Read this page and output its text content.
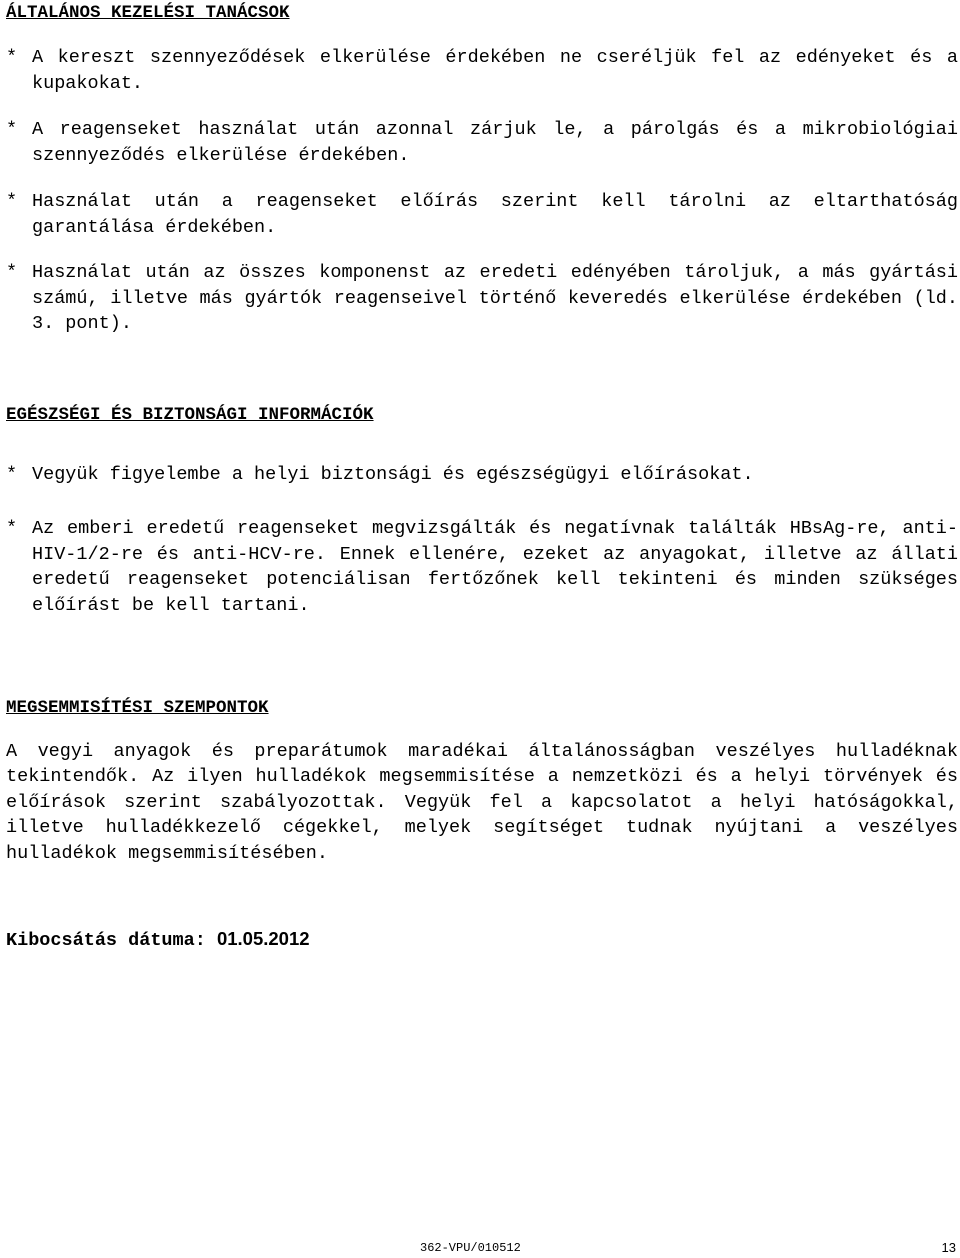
ÁLTALÁNOS KEZELÉSI TANÁCSOK

* A kereszt szennyeződések elkerülése érdekében ne cseréljük fel az edényeket és a kupakokat.

* A reagenseket használat után azonnal zárjuk le, a párolgás és a mikrobiológiai szennyeződés elkerülése érdekében.

* Használat után a reagenseket előírás szerint kell tárolni az eltarthatóság garantálása érdekében.

* Használat után az összes komponenst az eredeti edényében tároljuk, a más gyártási számú, illetve más gyártók reagenseivel történő keveredés elkerülése érdekében (ld. 3. pont).

EGÉSZSÉGI ÉS BIZTONSÁGI INFORMÁCIÓK

* Vegyük figyelembe a helyi biztonsági és egészségügyi előírásokat.

* Az emberi eredetű reagenseket megvizsgálták és negatívnak találták HBsAg-re, anti-HIV-1/2-re és anti-HCV-re. Ennek ellenére, ezeket az anyagokat, illetve az állati eredetű reagenseket potenciálisan fertőzőnek kell tekinteni és minden szükséges előírást be kell tartani.

MEGSEMMISÍTÉSI SZEMPONTOK

A vegyi anyagok és preparátumok maradékai általánosságban veszélyes hulladéknak tekintendők. Az ilyen hulladékok megsemmisítése a nemzetközi és a helyi törvények és előírások szerint szabályozottak. Vegyük fel a kapcsolatot a helyi hatóságokkal, illetve hulladékkezelő cégekkel, melyek segítséget tudnak nyújtani a veszélyes hulladékok megsemmisítésében.

Kibocsátás dátuma: 01.05.2012

362-VPU/010512	13
